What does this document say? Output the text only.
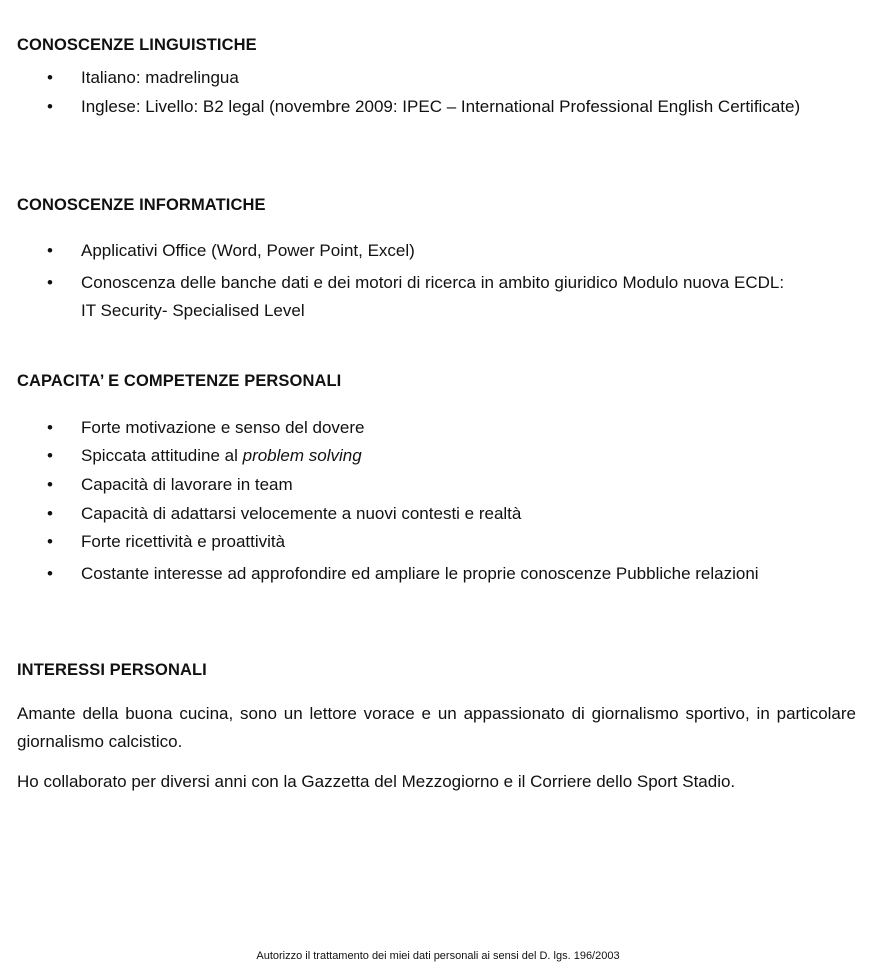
CONOSCENZE LINGUISTICHE
• Italiano: madrelingua
• Inglese: Livello: B2 legal (novembre 2009: IPEC – International Professional English Certificate)
CONOSCENZE INFORMATICHE
• Applicativi Office (Word, Power Point, Excel)
• Conoscenza delle banche dati e dei motori di ricerca in ambito giuridico Modulo nuova ECDL: IT Security- Specialised Level
CAPACITA’ E COMPETENZE PERSONALI
• Forte motivazione e senso del dovere
• Spiccata attitudine al problem solving
• Capacità di lavorare in team
• Capacità di adattarsi velocemente a nuovi contesti e realtà
• Forte ricettività e proattività
• Costante interesse ad approfondire ed ampliare le proprie conoscenze Pubbliche relazioni
INTERESSI PERSONALI
Amante della buona cucina, sono un lettore vorace e un appassionato di giornalismo sportivo, in particolare giornalismo calcistico.
Ho collaborato per diversi anni con la Gazzetta del Mezzogiorno e il Corriere dello Sport Stadio.
Autorizzo il trattamento dei miei dati personali ai sensi del D. lgs. 196/2003
